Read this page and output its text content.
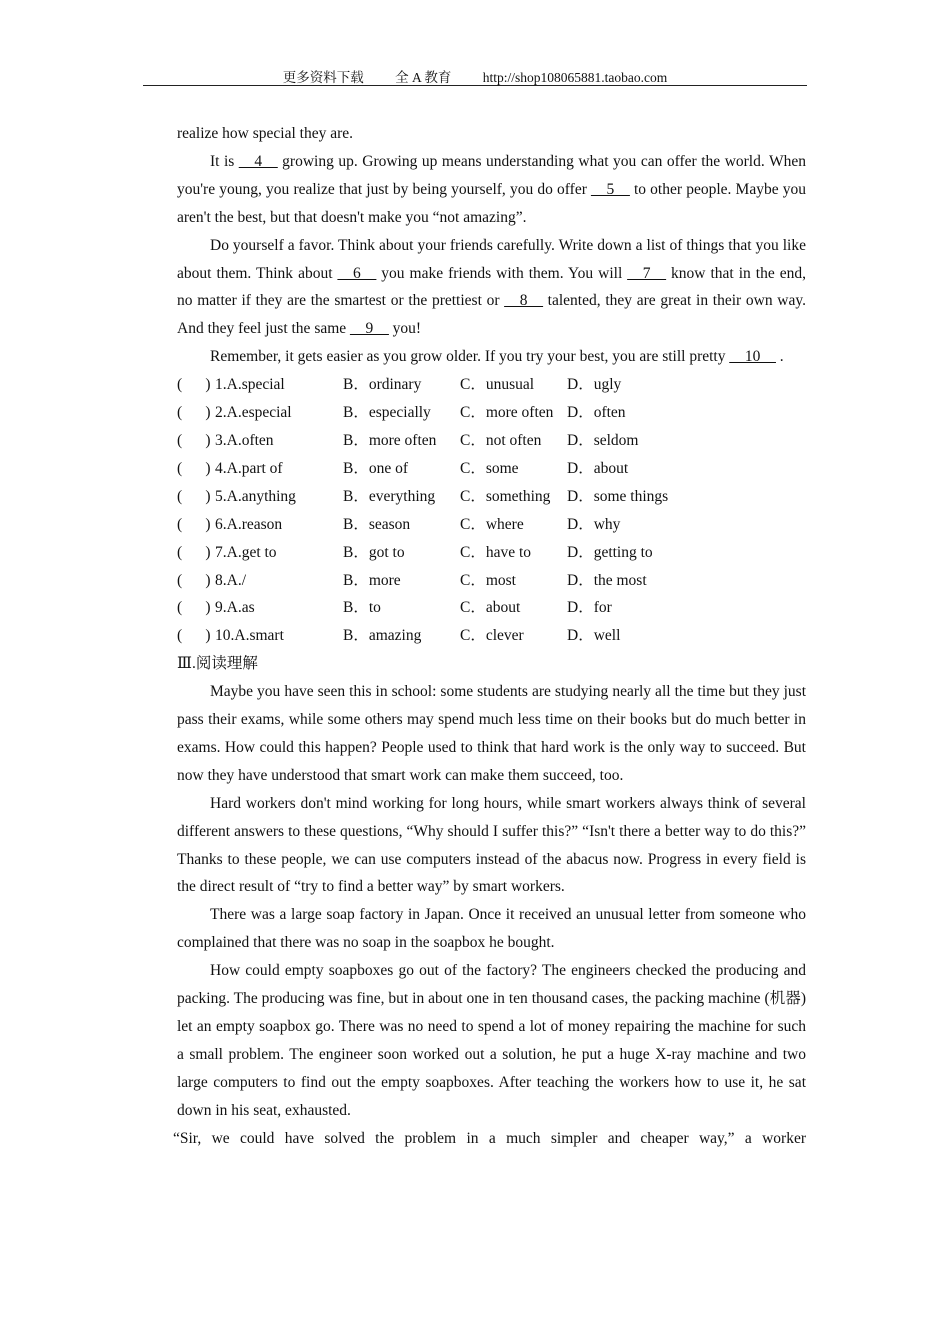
更多资料下载 全 A 教育 http://shop108065881.taobao.com

realize how special they are.

It is __4__ growing up. Growing up means understanding what you can offer the world. When you're young, you realize that just by being yourself, you do offer __5__ to other people. Maybe you aren't the best, but that doesn't make you “not amazing”.

Do yourself a favor. Think about your friends carefully. Write down a list of things that you like about them. Think about __6__ you make friends with them. You will __7__ know that in the end, no matter if they are the smartest or the prettiest or __8__ talented, they are great in their own way. And they feel just the same __9__ you!

Remember, it gets easier as you grow older. If you try your best, you are still pretty __10__ .

(      ) 1.A.special	B．ordinary	C．unusual	D．ugly
(      ) 2.A.especial	B．especially	C．more often D．often
(      ) 3.A.often	B．more often	C．not often	D．seldom
(      ) 4.A.part of	B．one of	C．some	D．about
(      ) 5.A.anything	B．everything	C．something	D．some things
(      ) 6.A.reason	B．season	C．where	D．why
(      ) 7.A.get to	B．got to	C．have to	D．getting to
(      ) 8.A./	B．more	C．most	D．the most
(      ) 9.A.as	B．to	C．about	D．for
(      ) 10.A.smart	B．amazing	C．clever	D．well

Ⅲ.阅读理解

Maybe you have seen this in school: some students are studying nearly all the time but they just pass their exams, while some others may spend much less time on their books but do much better in exams. How could this happen? People used to think that hard work is the only way to succeed. But now they have understood that smart work can make them succeed, too.

Hard workers don't mind working for long hours, while smart workers always think of several different answers to these questions, “Why should I suffer this?” “Isn't there a better way to do this?” Thanks to these people, we can use computers instead of the abacus now. Progress in every field is the direct result of “try to find a better way” by smart workers.

There was a large soap factory in Japan. Once it received an unusual letter from someone who complained that there was no soap in the soapbox he bought.

How could empty soapboxes go out of the factory? The engineers checked the producing and packing. The producing was fine, but in about one in ten thousand cases, the packing machine (机器) let an empty soapbox go. There was no need to spend a lot of money repairing the machine for such a small problem. The engineer soon worked out a solution, he put a huge X-ray machine and two large computers to find out the empty soapboxes. After teaching the workers how to use it, he sat down in his seat, exhausted.

“Sir, we could have solved the problem in a much simpler and cheaper way,” a worker
